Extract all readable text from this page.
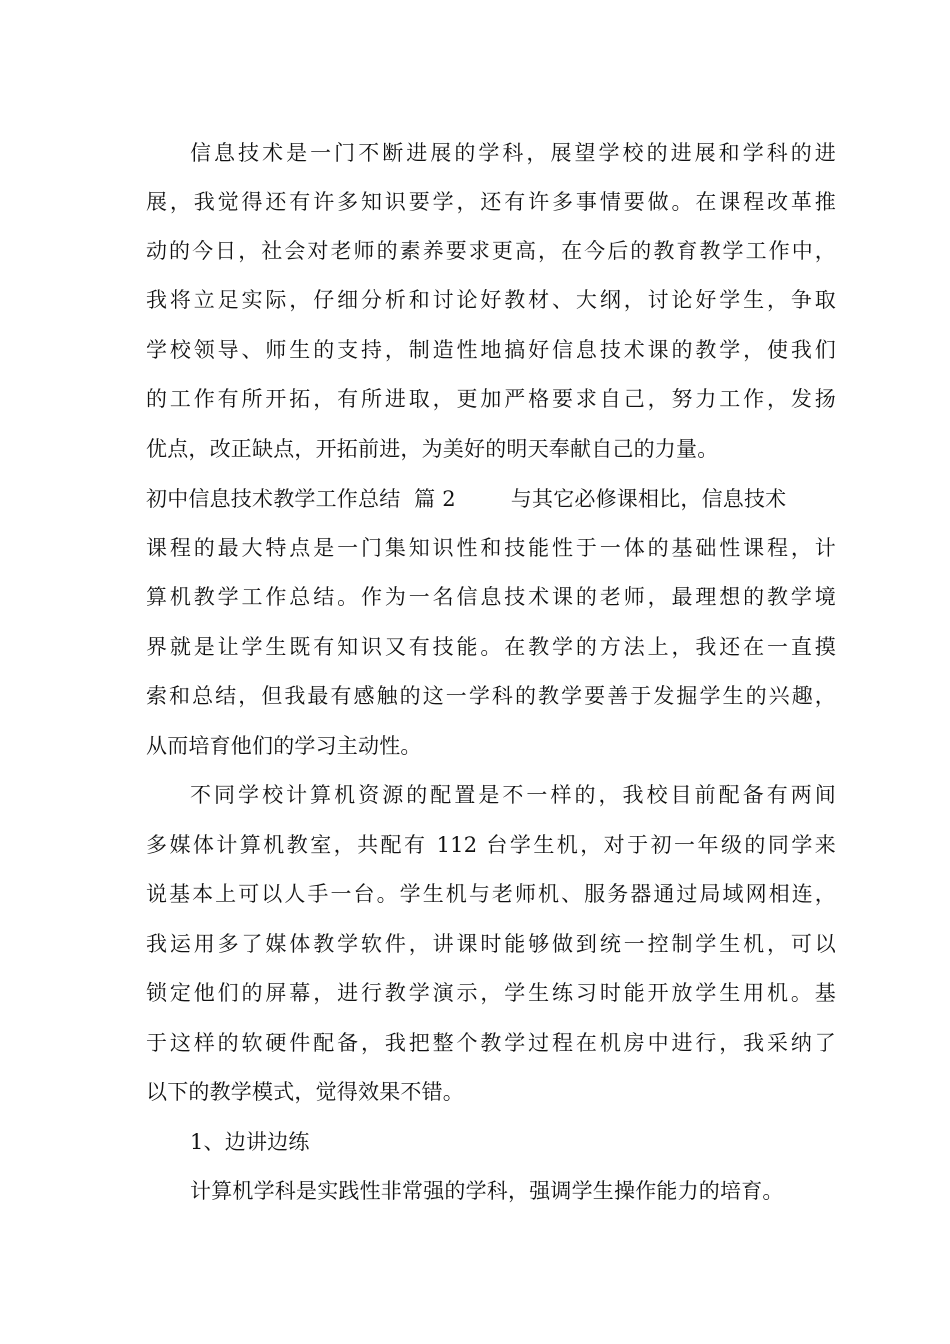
信息技术是一门不断进展的学科，展望学校的进展和学科的进
展，我觉得还有许多知识要学，还有许多事情要做。在课程改革推
动的今日，社会对老师的素养要求更高，在今后的教育教学工作中，
我将立足实际，仔细分析和讨论好教材、大纲，讨论好学生，争取
学校领导、师生的支持，制造性地搞好信息技术课的教学，使我们
的工作有所开拓，有所进取，更加严格要求自己，努力工作，发扬
优点，改正缺点，开拓前进，为美好的明天奉献自己的力量。
初中信息技术教学工作总结  篇 2        与其它必修课相比，信息技术
课程的最大特点是一门集知识性和技能性于一体的基础性课程，计
算机教学工作总结。作为一名信息技术课的老师，最理想的教学境
界就是让学生既有知识又有技能。在教学的方法上，我还在一直摸
索和总结，但我最有感触的这一学科的教学要善于发掘学生的兴趣，
从而培育他们的学习主动性。
不同学校计算机资源的配置是不一样的，我校目前配备有两间
多媒体计算机教室，共配有 112 台学生机，对于初一年级的同学来
说基本上可以人手一台。学生机与老师机、服务器通过局域网相连，
我运用多了媒体教学软件，讲课时能够做到统一控制学生机，可以
锁定他们的屏幕，进行教学演示，学生练习时能开放学生用机。基
于这样的软硬件配备，我把整个教学过程在机房中进行，我采纳了
以下的教学模式，觉得效果不错。
1、边讲边练
计算机学科是实践性非常强的学科，强调学生操作能力的培育。
